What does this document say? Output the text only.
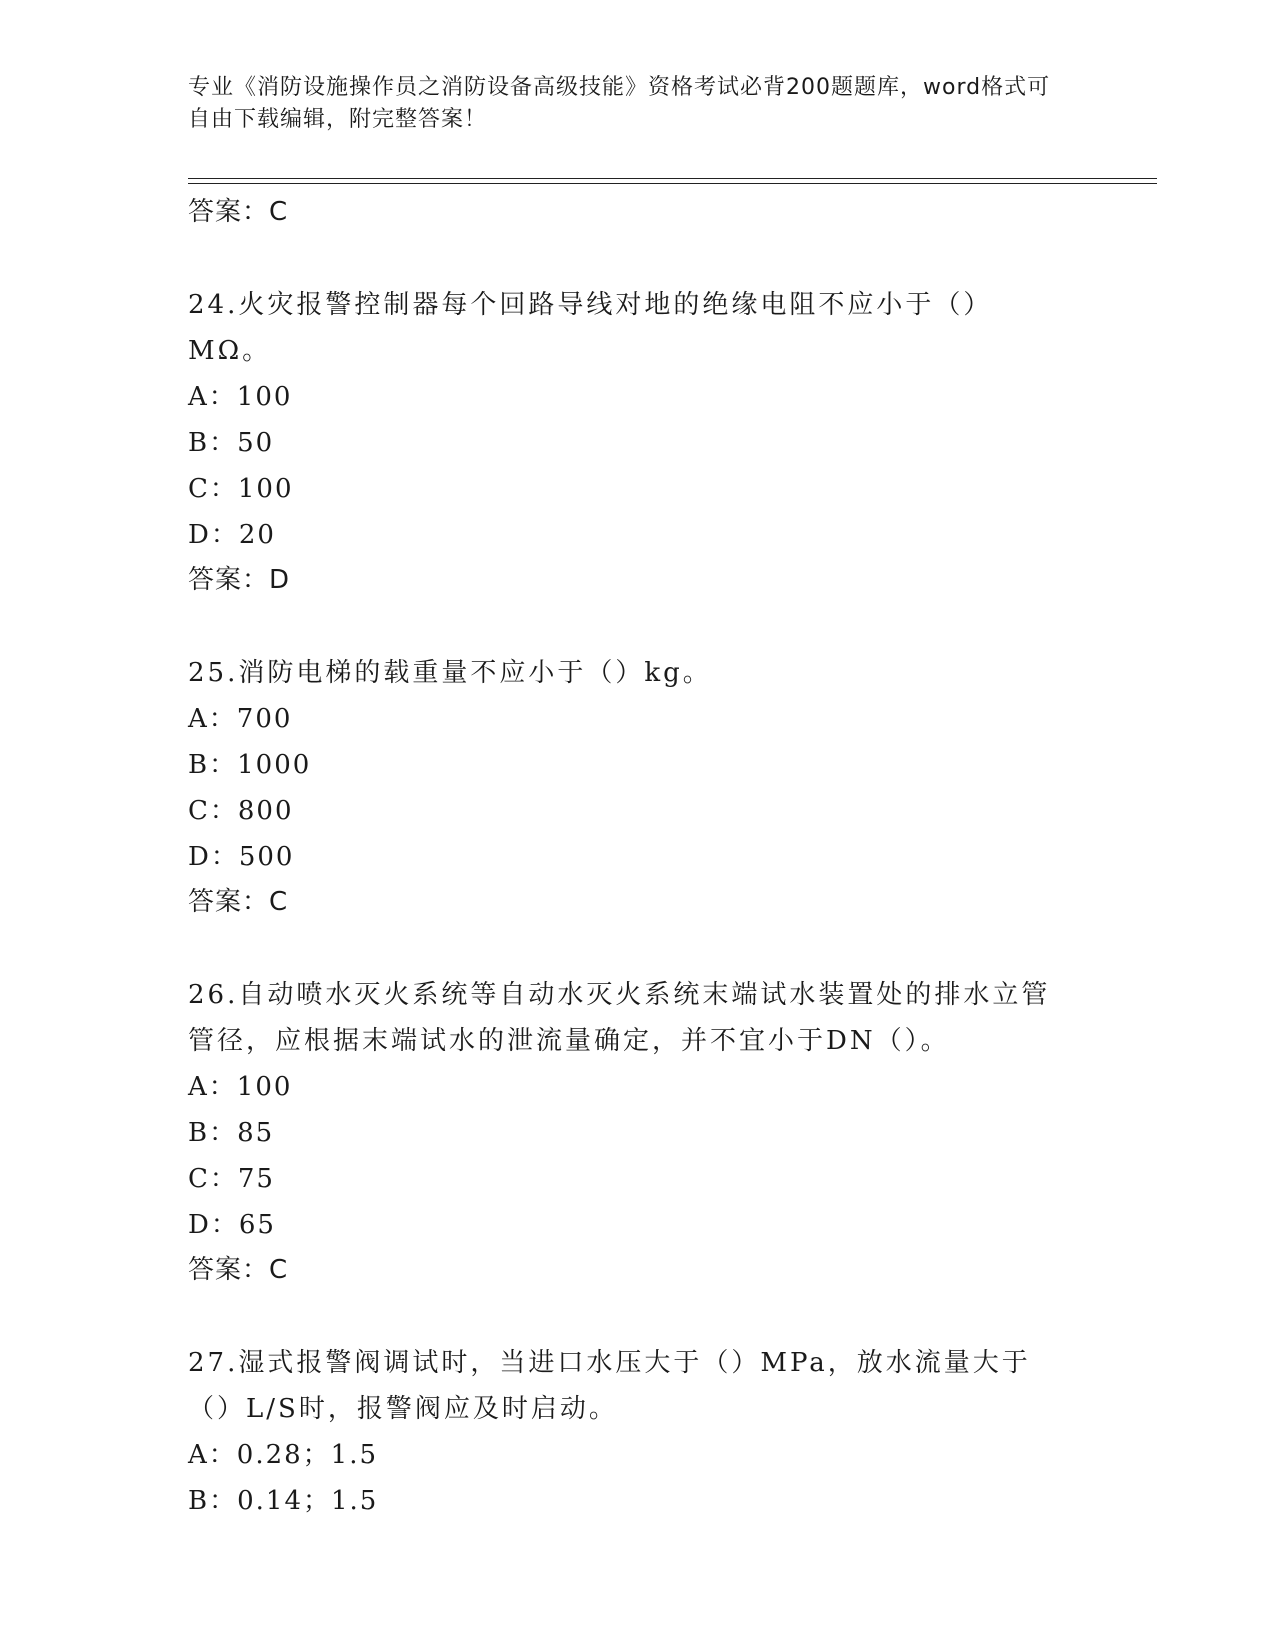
专业《消防设施操作员之消防设备高级技能》资格考试必背200题题库，word格式可自由下载编辑，附完整答案！
答案：C
24.火灾报警控制器每个回路导线对地的绝缘电阻不应小于（）MΩ。
A：100
B：50
C：100
D：20
答案：D
25.消防电梯的载重量不应小于（）kg。
A：700
B：1000
C：800
D：500
答案：C
26.自动喷水灭火系统等自动水灭火系统末端试水装置处的排水立管管径，应根据末端试水的泄流量确定，并不宜小于DN（）。
A：100
B：85
C：75
D：65
答案：C
27.湿式报警阀调试时，当进口水压大于（）MPa，放水流量大于（）L/S时，报警阀应及时启动。
A：0.28；1.5
B：0.14；1.5
